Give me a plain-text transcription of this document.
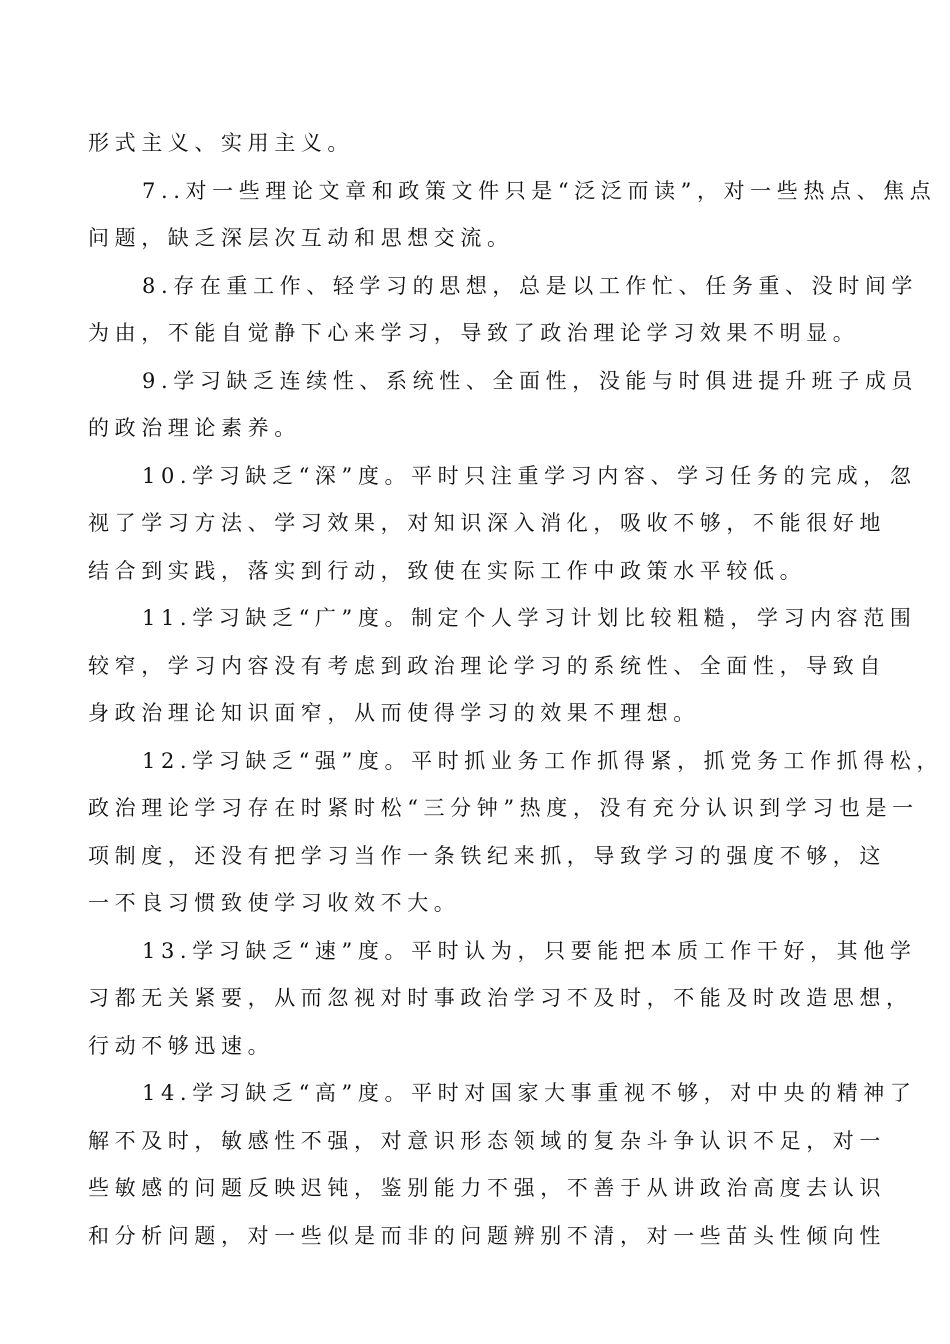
形式主义、实用主义。
7..对一些理论文章和政策文件只是“泛泛而读”，对一些热点、焦点
问题，缺乏深层次互动和思想交流。
8.存在重工作、轻学习的思想，总是以工作忙、任务重、没时间学
为由，不能自觉静下心来学习，导致了政治理论学习效果不明显。
9.学习缺乏连续性、系统性、全面性，没能与时俱进提升班子成员
的政治理论素养。
10.学习缺乏“深”度。平时只注重学习内容、学习任务的完成，忽
视了学习方法、学习效果，对知识深入消化，吸收不够，不能很好地
结合到实践，落实到行动，致使在实际工作中政策水平较低。
11.学习缺乏“广”度。制定个人学习计划比较粗糙，学习内容范围
较窄，学习内容没有考虑到政治理论学习的系统性、全面性，导致自
身政治理论知识面窄，从而使得学习的效果不理想。
12.学习缺乏“强”度。平时抓业务工作抓得紧，抓党务工作抓得松，
政治理论学习存在时紧时松“三分钟”热度，没有充分认识到学习也是一
项制度，还没有把学习当作一条铁纪来抓，导致学习的强度不够，这
一不良习惯致使学习收效不大。
13.学习缺乏“速”度。平时认为，只要能把本质工作干好，其他学
习都无关紧要，从而忽视对时事政治学习不及时，不能及时改造思想，
行动不够迅速。
14.学习缺乏“高”度。平时对国家大事重视不够，对中央的精神了
解不及时，敏感性不强，对意识形态领域的复杂斗争认识不足，对一
些敏感的问题反映迟钝，鉴别能力不强，不善于从讲政治高度去认识
和分析问题，对一些似是而非的问题辨别不清，对一些苗头性倾向性
